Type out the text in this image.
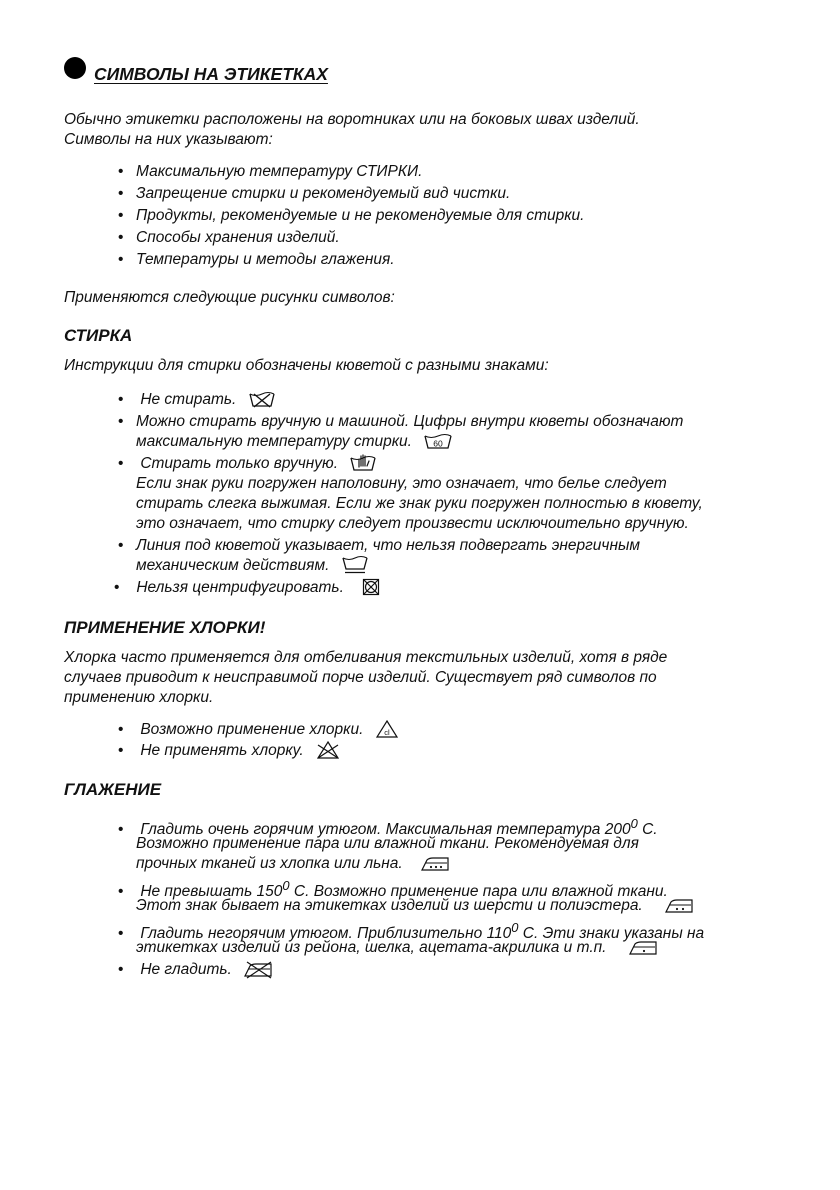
СИМВОЛЫ НА ЭТИКЕТКАХ
Обычно этикетки расположены на воротниках или на боковых швах изделий.
Символы на них указывают:
• Максимальную температуру СТИРКИ.
• Запрещение стирки и рекомендуемый вид чистки.
• Продукты, рекомендуемые и не рекомендуемые для стирки.
• Способы хранения изделий.
• Температуры и методы глажения.
Применяются следующие рисунки символов:
СТИРКА
Инструкции для стирки обозначены кюветой с разными знаками:
• Не стирать.
• Можно стирать вручную и машиной. Цифры внутри кюветы обозначают
максимальную температуру стирки.	60
• Стирать только вручную.
Если знак руки погружен наполовину, это означает, что белье следует
стирать слегка выжимая. Если же знак руки погружен полностью в кювету,
это означает, что стирку следует произвести исключоительно вручную.
• Линия под кюветой указывает, что нельзя подвергать энергичным
механическим действиям.
• Нельзя центрифугировать.
ПРИМЕНЕНИЕ ХЛОРКИ!
Хлорка часто применяется для отбеливания текстильных изделий, хотя в ряде
случаев приводит к неисправимой порче изделий. Существует ряд символов по
применению хлорки.
• Возможно применение хлорки.	cl
• Не применять хлорку.
ГЛАЖЕНИЕ
• Гладить очень горячим утюгом. Максимальная температура $200^0$ С.
Возможно применение пара или влажной ткани. Рекомендуемая для
прочных тканей из хлопка или льна.
• Не превышать $150^0$ С. Возможно применение пара или влажной ткани.
Этот знак бывает на этикетках изделий из шерсти и полиэстера.
• Гладить негорячим утюгом. Приблизительно $110^0$ С. Эти знаки указаны на
этикетках изделий из рейона, шелка, ацетата-акрилика и т.п.
• Не гладить.
